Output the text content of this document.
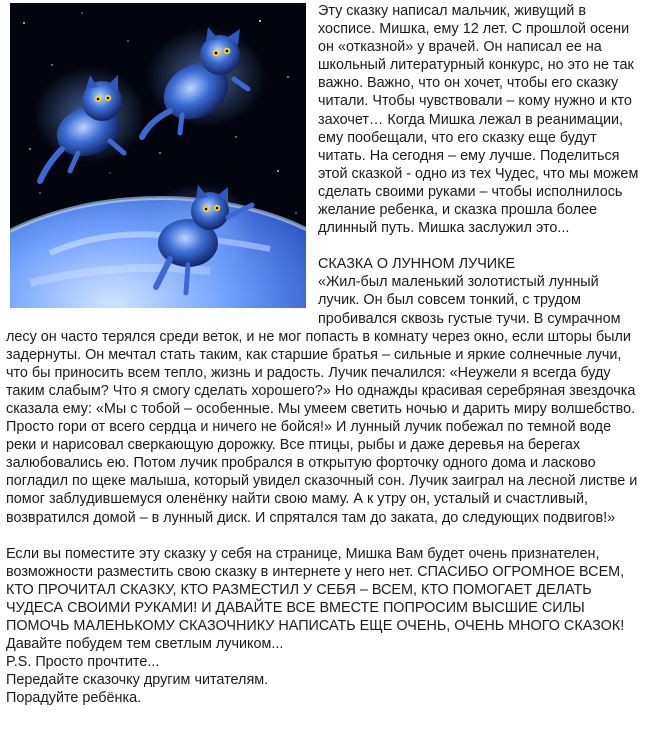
Эту сказку написал мальчик, живущий в хосписе. Мишка, ему 12 лет. С прошлой осени он «отказной» у врачей. Он написал ее на школьный литературный конкурс, но это не так важно. Важно, что он хочет, чтобы его сказку читали. Чтобы чувствовали – кому нужно и кто захочет… Когда Мишка лежал в реанимации, ему пообещали, что его сказку еще будут читать. На сегодня – ему лучше. Поделиться этой сказкой - одно из тех Чудес, что мы можем сделать своими руками – чтобы исполнилось желание ребенка, и сказка прошла более длинный путь. Мишка заслужил это...

СКАЗКА О ЛУННОМ ЛУЧИКЕ
«Жил-был маленький золотистый лунный лучик. Он был совсем тонкий, с трудом пробивался сквозь густые тучи. В сумрачном лесу он часто терялся среди веток, и не мог попасть в комнату через окно, если шторы были задернуты. Он мечтал стать таким, как старшие братья – сильные и яркие солнечные лучи, что бы приносить всем тепло, жизнь и радость. Лучик печалился: «Неужели я всегда буду таким слабым? Что я смогу сделать хорошего?» Но однажды красивая серебряная звездочка сказала ему: «Мы с тобой – особенные. Мы умеем светить ночью и дарить миру волшебство. Просто гори от всего сердца и ничего не бойся!» И лунный лучик побежал по темной воде реки и нарисовал сверкающую дорожку. Все птицы, рыбы и даже деревья на берегах залюбовались ею. Потом лучик пробрался в открытую форточку одного дома и ласково погладил по щеке малыша, который увидел сказочный сон. Лучик заиграл на лесной листве и помог заблудившемуся оленёнку найти свою маму. А к утру он, усталый и счастливый, возвратился домой – в лунный диск. И спрятался там до заката, до следующих подвигов!»

Если вы поместите эту сказку у себя на странице, Мишка Вам будет очень признателен, возможности разместить свою сказку в интернете у него нет. СПАСИБО ОГРОМНОЕ ВСЕМ, КТО ПРОЧИТАЛ СКАЗКУ, КТО РАЗМЕСТИЛ У СЕБЯ – ВСЕМ, КТО ПОМОГАЕТ ДЕЛАТЬ ЧУДЕСА СВОИМИ РУКАМИ! И ДАВАЙТЕ ВСЕ ВМЕСТЕ ПОПРОСИМ ВЫСШИЕ СИЛЫ ПОМОЧЬ МАЛЕНЬКОМУ СКАЗОЧНИКУ НАПИСАТЬ ЕЩЕ ОЧЕНЬ, ОЧЕНЬ МНОГО СКАЗОК! Давайте побудем тем светлым лучиком...

P.S. Просто прочтите...

Передайте сказочку другим читателям.

Порадуйте ребёнка.
